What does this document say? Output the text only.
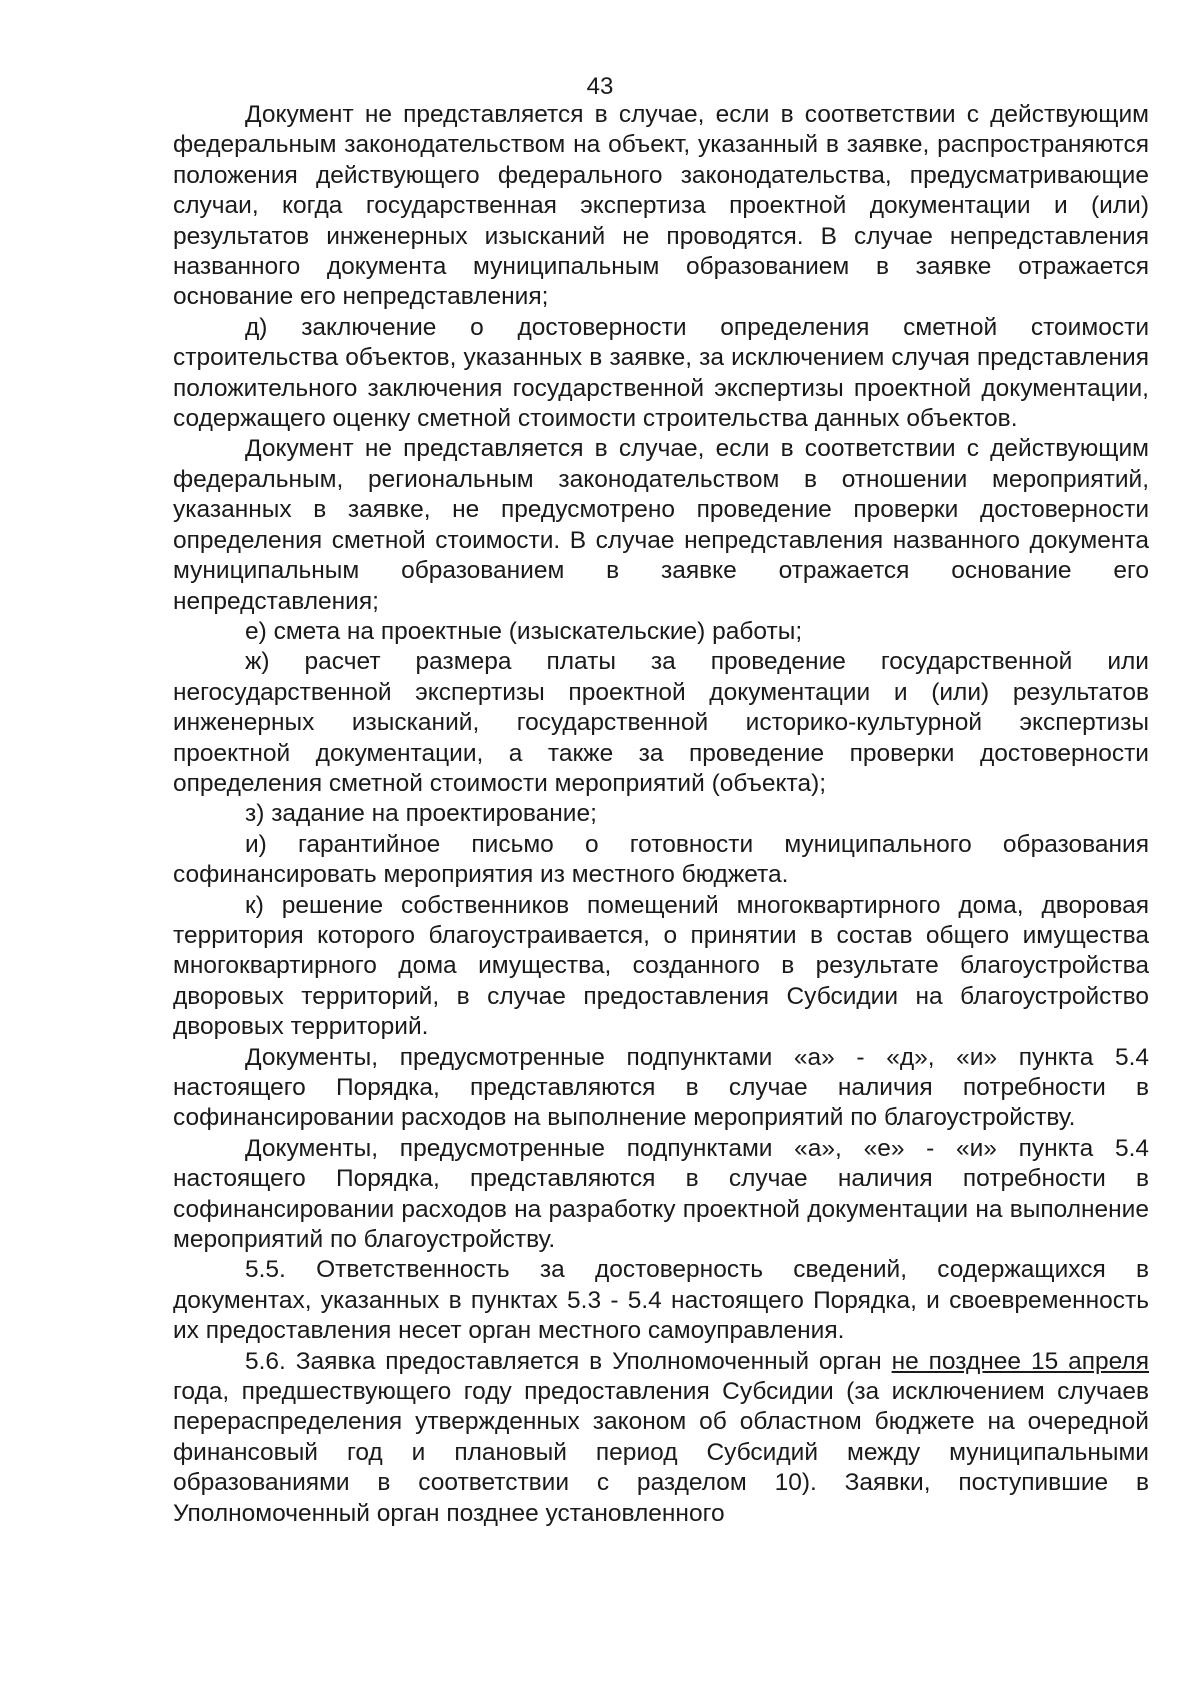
43

Документ не представляется в случае, если в соответствии с действующим федеральным законодательством на объект, указанный в заявке, распространяются положения действующего федерального законодательства, предусматривающие случаи, когда государственная экспертиза проектной документации и (или) результатов инженерных изысканий не проводятся. В случае непредставления названного документа муниципальным образованием в заявке отражается основание его непредставления;

д) заключение о достоверности определения сметной стоимости строительства объектов, указанных в заявке, за исключением случая представления положительного заключения государственной экспертизы проектной документации, содержащего оценку сметной стоимости строительства данных объектов.

Документ не представляется в случае, если в соответствии с действующим федеральным, региональным законодательством в отношении мероприятий, указанных в заявке, не предусмотрено проведение проверки достоверности определения сметной стоимости. В случае непредставления названного документа муниципальным образованием в заявке отражается основание его непредставления;

е) смета на проектные (изыскательские) работы;

ж) расчет размера платы за проведение государственной или негосударственной экспертизы проектной документации и (или) результатов инженерных изысканий, государственной историко-культурной экспертизы проектной документации, а также за проведение проверки достоверности определения сметной стоимости мероприятий (объекта);

з) задание на проектирование;

и) гарантийное письмо о готовности муниципального образования софинансировать мероприятия из местного бюджета.

к) решение собственников помещений многоквартирного дома, дворовая территория которого благоустраивается, о принятии в состав общего имущества многоквартирного дома имущества, созданного в результате благоустройства дворовых территорий, в случае предоставления Субсидии на благоустройство дворовых территорий.

Документы, предусмотренные подпунктами «а» - «д», «и» пункта 5.4 настоящего Порядка, представляются в случае наличия потребности в софинансировании расходов на выполнение мероприятий по благоустройству.

Документы, предусмотренные подпунктами «а», «е» - «и» пункта 5.4 настоящего Порядка, представляются в случае наличия потребности в софинансировании расходов на разработку проектной документации на выполнение мероприятий по благоустройству.

5.5. Ответственность за достоверность сведений, содержащихся в документах, указанных в пунктах 5.3 - 5.4 настоящего Порядка, и своевременность их предоставления несет орган местного самоуправления.

5.6. Заявка предоставляется в Уполномоченный орган не позднее 15 апреля года, предшествующего году предоставления Субсидии (за исключением случаев перераспределения утвержденных законом об областном бюджете на очередной финансовый год и плановый период Субсидий между муниципальными образованиями в соответствии с разделом 10). Заявки, поступившие в Уполномоченный орган позднее установленного
